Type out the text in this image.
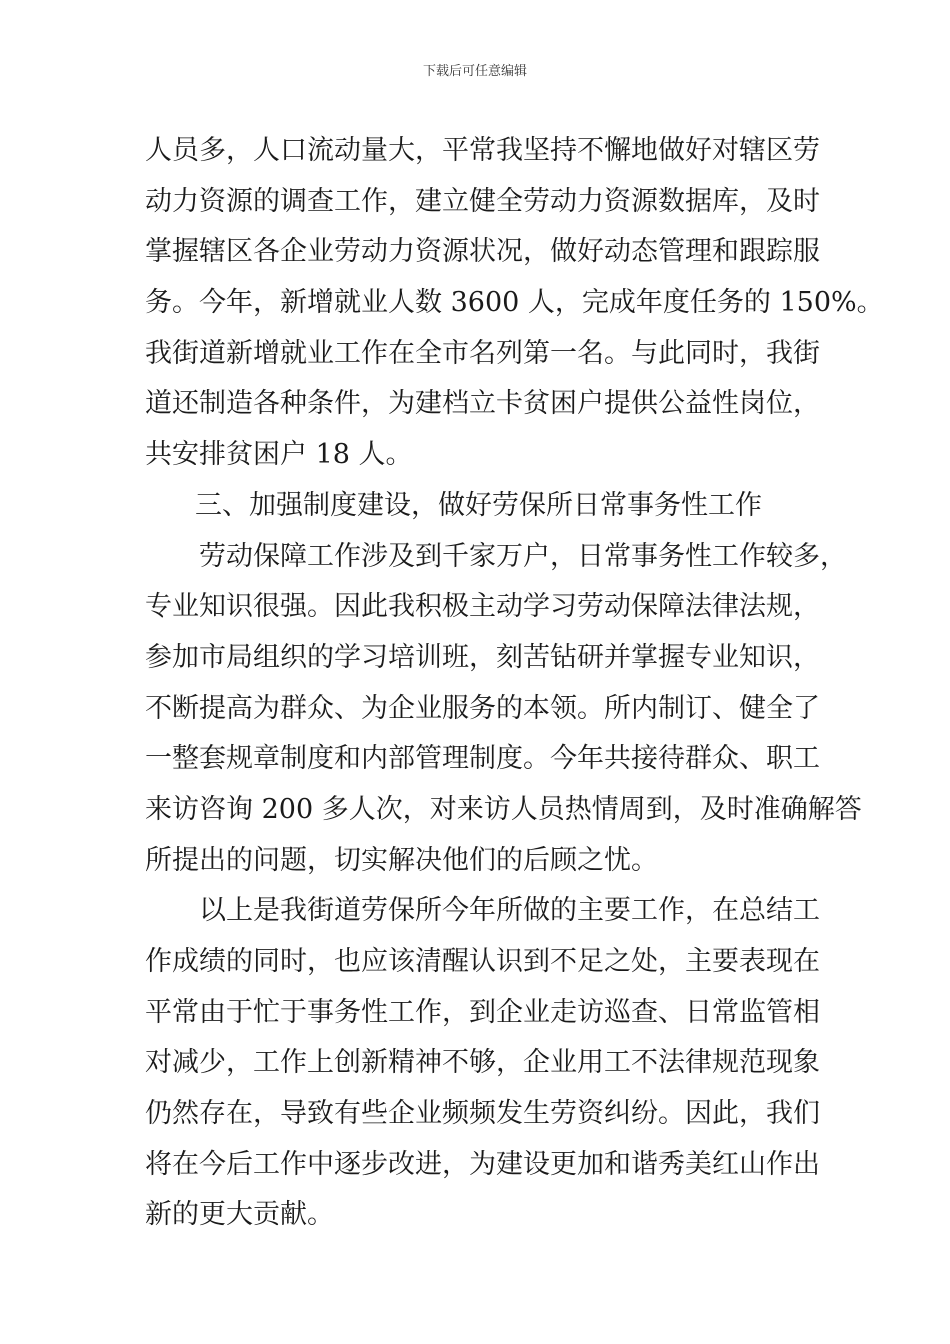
下载后可任意编辑
人员多，人口流动量大，平常我坚持不懈地做好对辖区劳
动力资源的调查工作，建立健全劳动力资源数据库，及时
掌握辖区各企业劳动力资源状况，做好动态管理和跟踪服
务。今年，新增就业人数 3600 人，完成年度任务的 150%。
我街道新增就业工作在全市名列第一名。与此同时，我街
道还制造各种条件，为建档立卡贫困户提供公益性岗位，
共安排贫困户 18 人。
三、加强制度建设，做好劳保所日常事务性工作
劳动保障工作涉及到千家万户，日常事务性工作较多，
专业知识很强。因此我积极主动学习劳动保障法律法规，
参加市局组织的学习培训班，刻苦钻研并掌握专业知识，
不断提高为群众、为企业服务的本领。所内制订、健全了
一整套规章制度和内部管理制度。今年共接待群众、职工
来访咨询 200 多人次，对来访人员热情周到，及时准确解答
所提出的问题，切实解决他们的后顾之忧。
以上是我街道劳保所今年所做的主要工作，在总结工
作成绩的同时，也应该清醒认识到不足之处，主要表现在
平常由于忙于事务性工作，到企业走访巡查、日常监管相
对减少，工作上创新精神不够，企业用工不法律规范现象
仍然存在，导致有些企业频频发生劳资纠纷。因此，我们
将在今后工作中逐步改进，为建设更加和谐秀美红山作出
新的更大贡献。
